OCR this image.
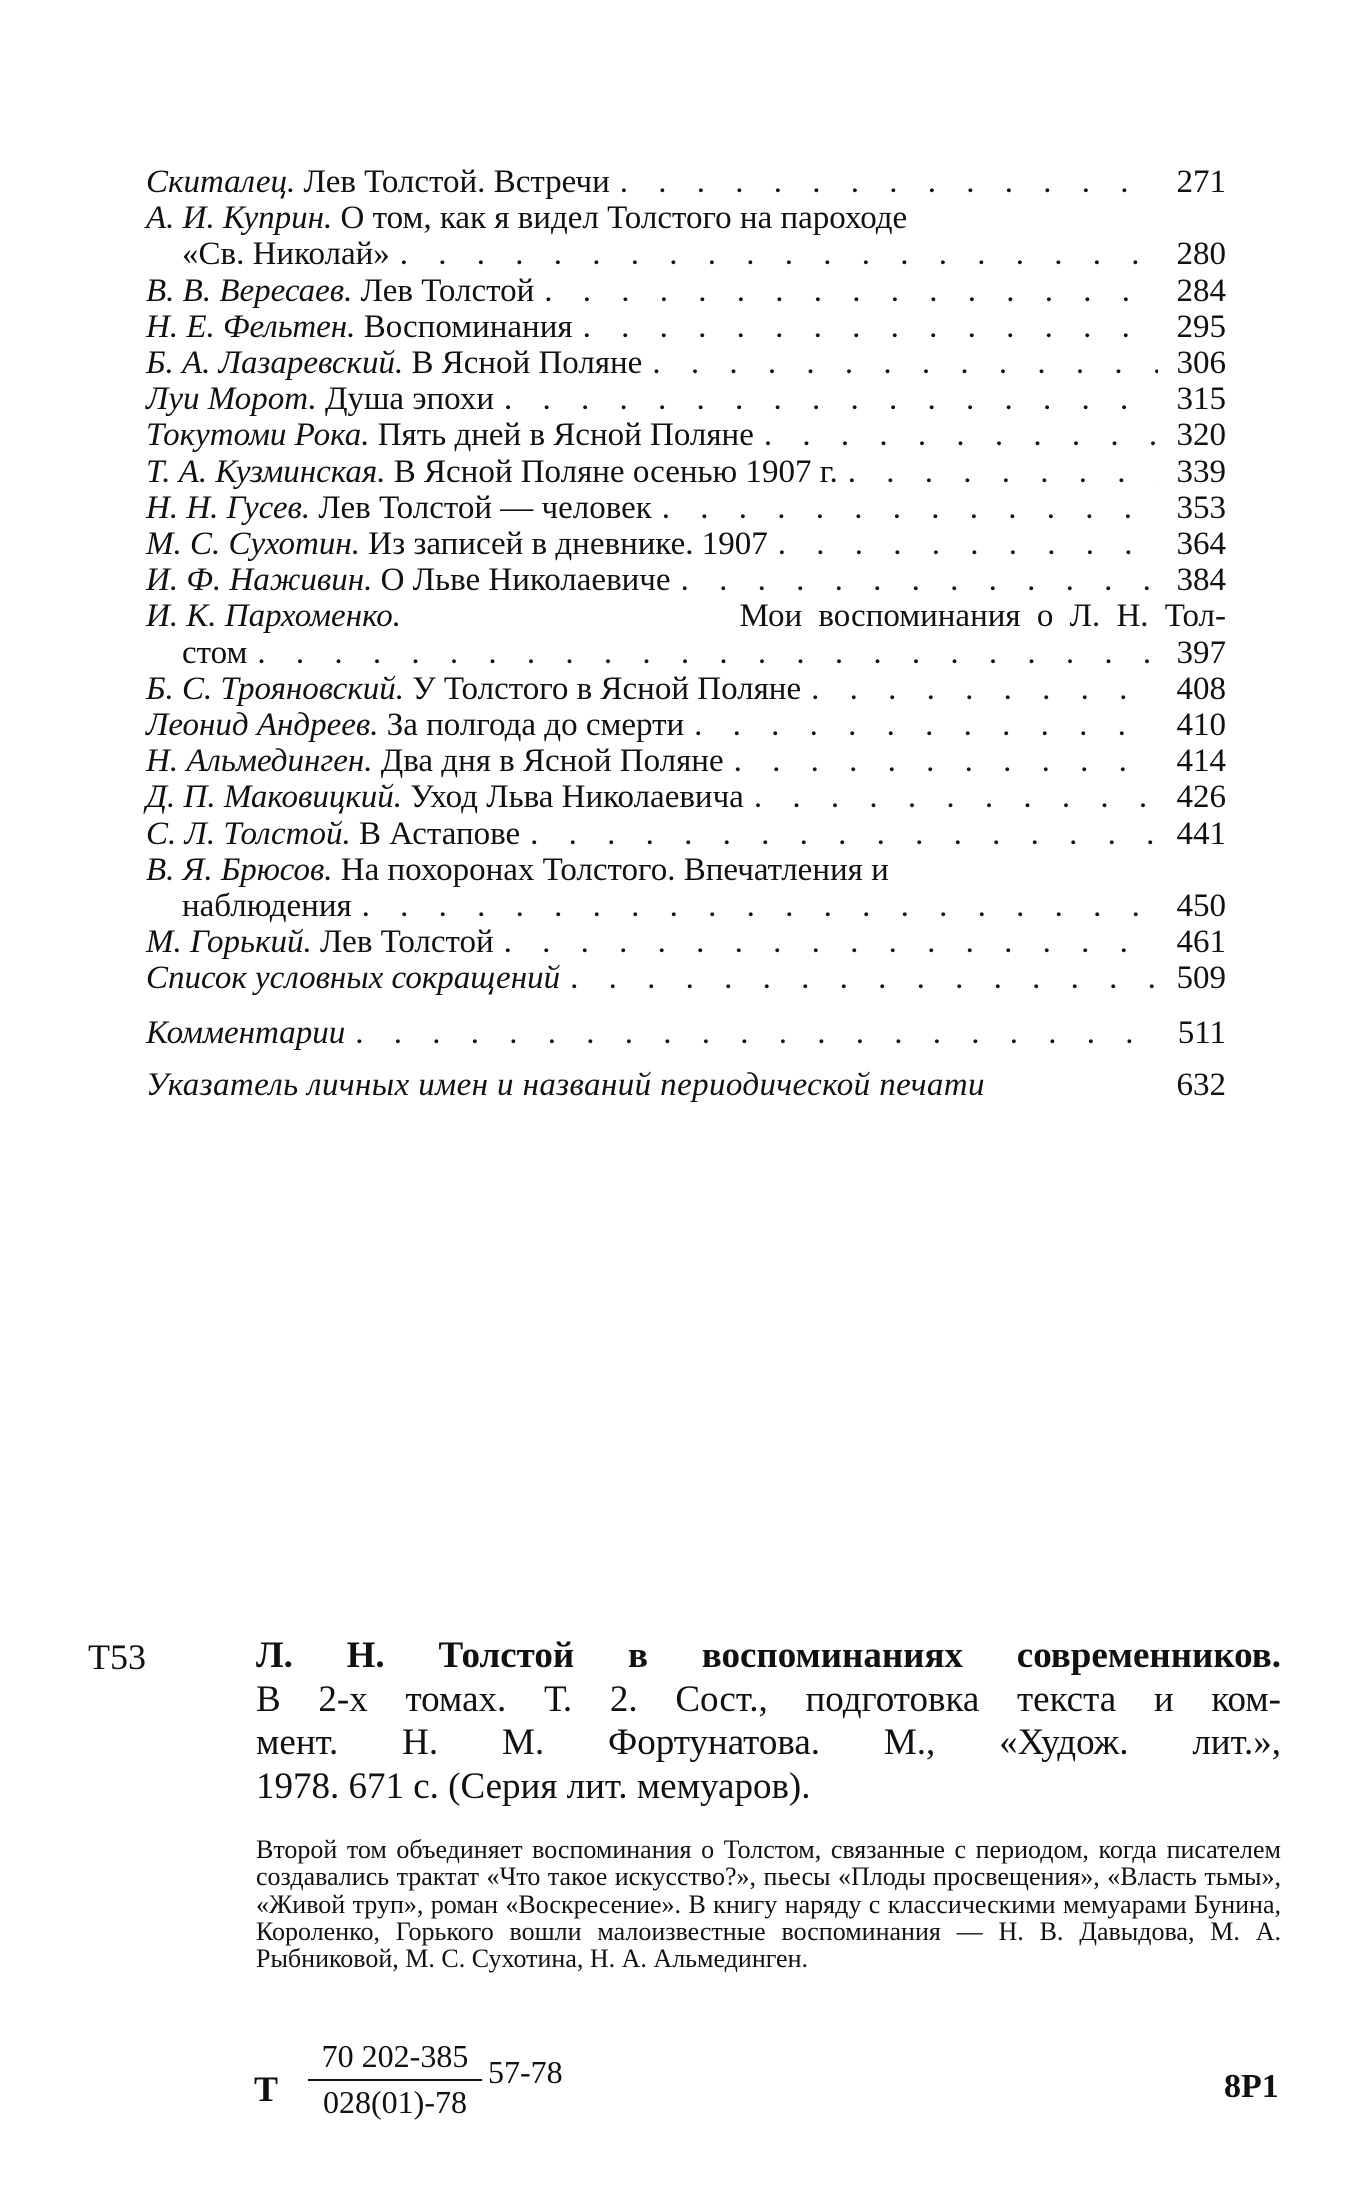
Скиталец. Лев Толстой. Встречи . . .	271
А. И. Куприн. О том, как я видел Толстого на пароходе
«Св. Николай» . . .	280
В. В. Вересаев. Лев Толстой . . .	284
Н. Е. Фельтен. Воспоминания . . .	295
Б. А. Лазаревский. В Ясной Поляне . . .	306
Луи Морот. Душа эпохи . . .	315
Токутоми Рока. Пять дней в Ясной Поляне . . .	320
Т. А. Кузминская. В Ясной Поляне осенью 1907 г. . . .	339
Н. Н. Гусев. Лев Толстой — человек . . .	353
М. С. Сухотин. Из записей в дневнике. 1907 . . .	364
И. Ф. Наживин. О Льве Николаевиче . . .	384
И. К. Пархоменко.	Мои воспоминания о Л. Н. Тол-
стом . . .	397
Б. С. Трояновский. У Толстого в Ясной Поляне . . .	408
Леонид Андреев. За полгода до смерти . . .	410
Н. Альмединген. Два дня в Ясной Поляне . . .	414
Д. П. Маковицкий. Уход Льва Николаевича . . .	426
С. Л. Толстой. В Астапове . . .	441
В. Я. Брюсов. На похоронах Толстого. Впечатления и
наблюдения . . .	450
М. Горький. Лев Толстой . . .	461
Список условных сокращений . . .	509
Комментарии . . .	511
Указатель личных имен и названий периодической печати	632
Т53	Л. Н. Толстой в воспоминаниях современников.
В 2-х томах. Т. 2. Сост., подготовка текста и ком-
мент. Н. М. Фортунатова. М., «Худож. лит.»,
1978. 671 с. (Серия лит. мемуаров).
Второй том объединяет воспоминания о Толстом, связанные с периодом, когда писателем создавались трактат «Что такое искусство?», пьесы «Плоды просвещения», «Власть тьмы», «Живой труп», роман «Воскресение». В книгу наряду с классическими мемуарами Бунина, Короленко, Горького вошли малоизвестные воспоминания — Н. В. Давыдова, М. А. Рыбниковой, М. С. Сухотина, Н. А. Альмединген.
Т $\frac{70 202-385}{028(01)-78} 57-78$	8Р1
